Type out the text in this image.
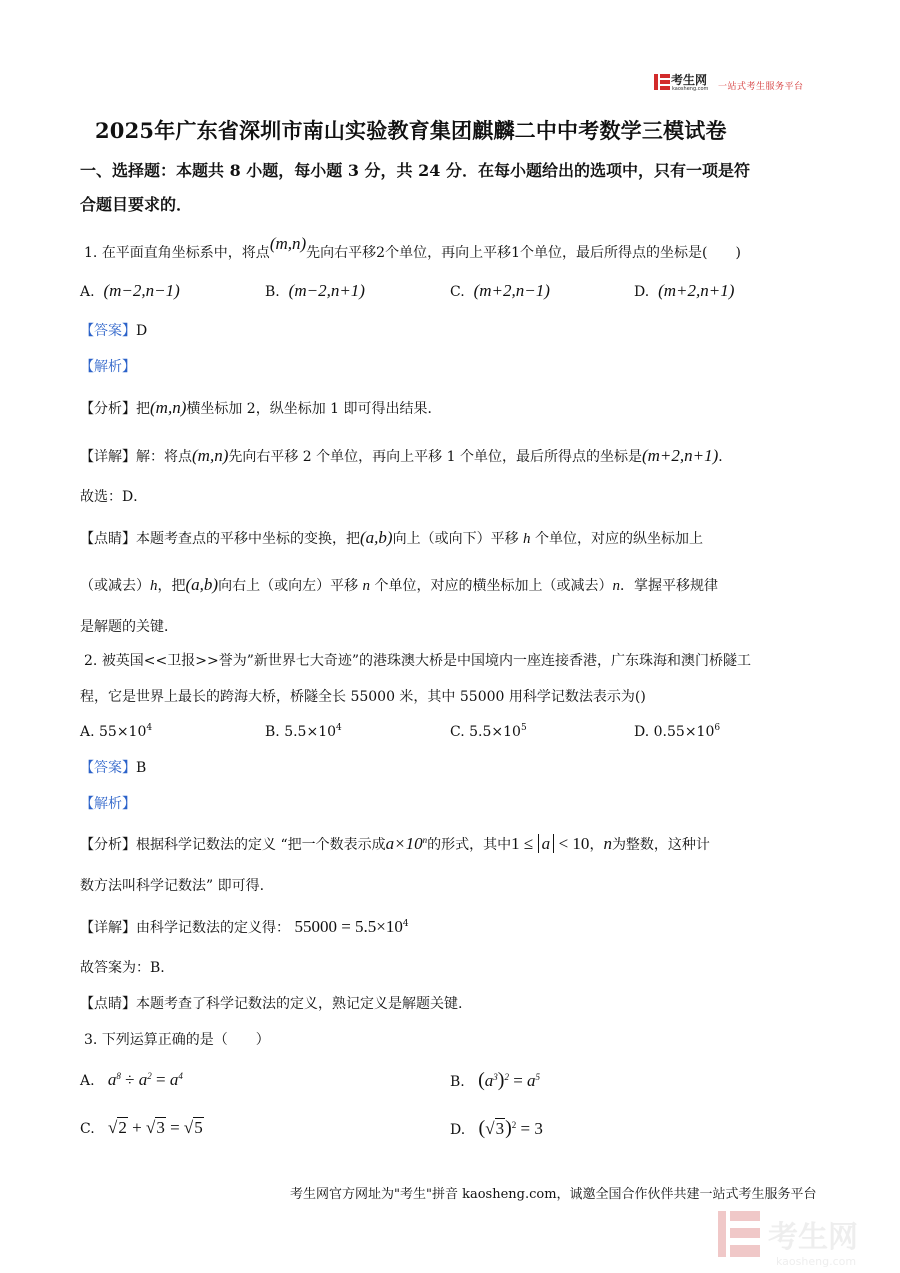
考生网
kaosheng.com 一站式考生服务平台
2025年广东省深圳市南山实验教育集团麒麟二中中考数学三模试卷
一、选择题：本题共 8 小题，每小题 3 分，共 24 分．在每小题给出的选项中，只有一项是符
合题目要求的．
1. 在平面直角坐标系中，将点(m,n)先向右平移2个单位，再向上平移1个单位，最后所得点的坐标是(　　)
A. (m−2,n−1)	B. (m−2,n+1)	C. (m+2,n−1)	D. (m+2,n+1)
【答案】D
【解析】
【分析】把(m,n)横坐标加 2，纵坐标加 1 即可得出结果．
【详解】解：将点(m,n)先向右平移 2 个单位，再向上平移 1 个单位，最后所得点的坐标是(m+2,n+1)．
故选：D．
【点睛】本题考查点的平移中坐标的变换，把(a,b)向上（或向下）平移 h 个单位，对应的纵坐标加上
（或减去）h，把(a,b)向右上（或向左）平移 n 个单位，对应的横坐标加上（或减去）n．掌握平移规律
是解题的关键．
2. 被英国<<卫报>>誉为”新世界七大奇迹”的港珠澳大桥是中国境内一座连接香港，广东珠海和澳门桥隧工
程，它是世界上最长的跨海大桥，桥隧全长 55000 米，其中 55000 用科学记数法表示为()
A. $55\times 10^4$	B. $5.5\times 10^4$	C. $5.5\times 10^5$	D. $0.55\times 10^6$
【答案】B
【解析】
【分析】根据科学记数法的定义 “把一个数表示成$a\times 10^n$的形式，其中1 ≤ a < 10，n为整数，这种计
数方法叫科学记数法” 即可得.
【详解】由科学记数法的定义得： $55000 = 5.5\times 10^4$
故答案为：B.
【点睛】本题考查了科学记数法的定义，熟记定义是解题关键.
3. 下列运算正确的是（　　）
A. $a^8 \div a^2 = a^4$	B. $(a^3)^2 = a^5$
C. √2 + √3 = √5	D. $(√3)^2 = 3$
考生网官方网址为"考生"拼音 kaosheng.com，诚邀全国合作伙伴共建一站式考生服务平台
考生网
kaosheng.com
